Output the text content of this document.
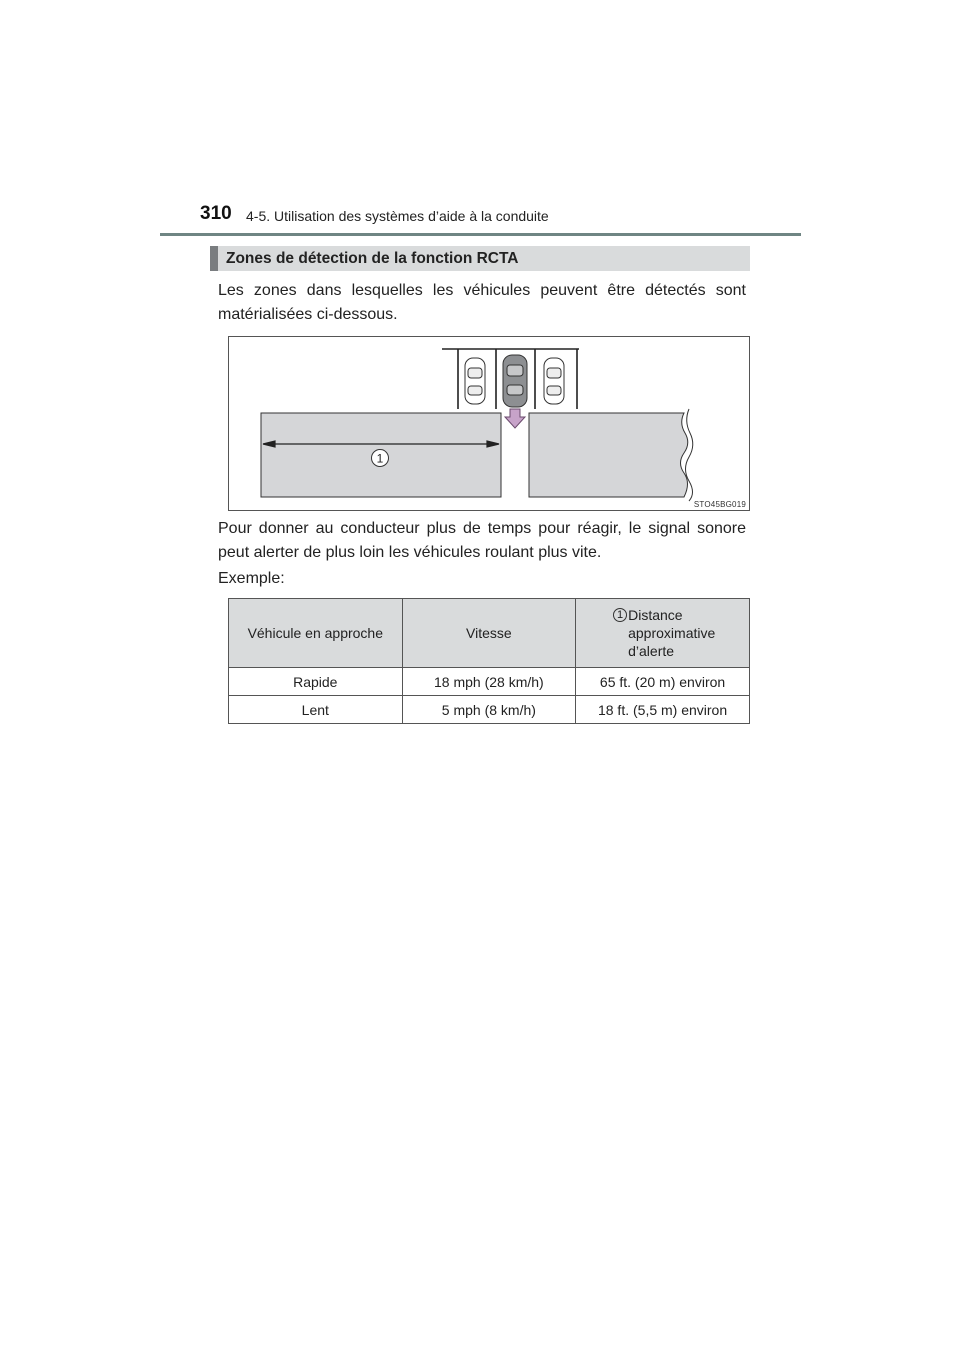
310 4-5. Utilisation des systèmes d’aide à la conduite
Zones de détection de la fonction RCTA

Les zones dans lesquelles les véhicules peuvent être détectés sont matérialisées ci-dessous.

1
STO45BG019

Pour donner au conducteur plus de temps pour réagir, le signal sonore peut alerter de plus loin les véhicules roulant plus vite.

Exemple:

Véhicule en approche	Vitesse	1 Distance approximative d’alerte

Rapide	18 mph (28 km/h)	65 ft. (20 m) environ
Lent	5 mph (8 km/h)	18 ft. (5,5 m) environ
